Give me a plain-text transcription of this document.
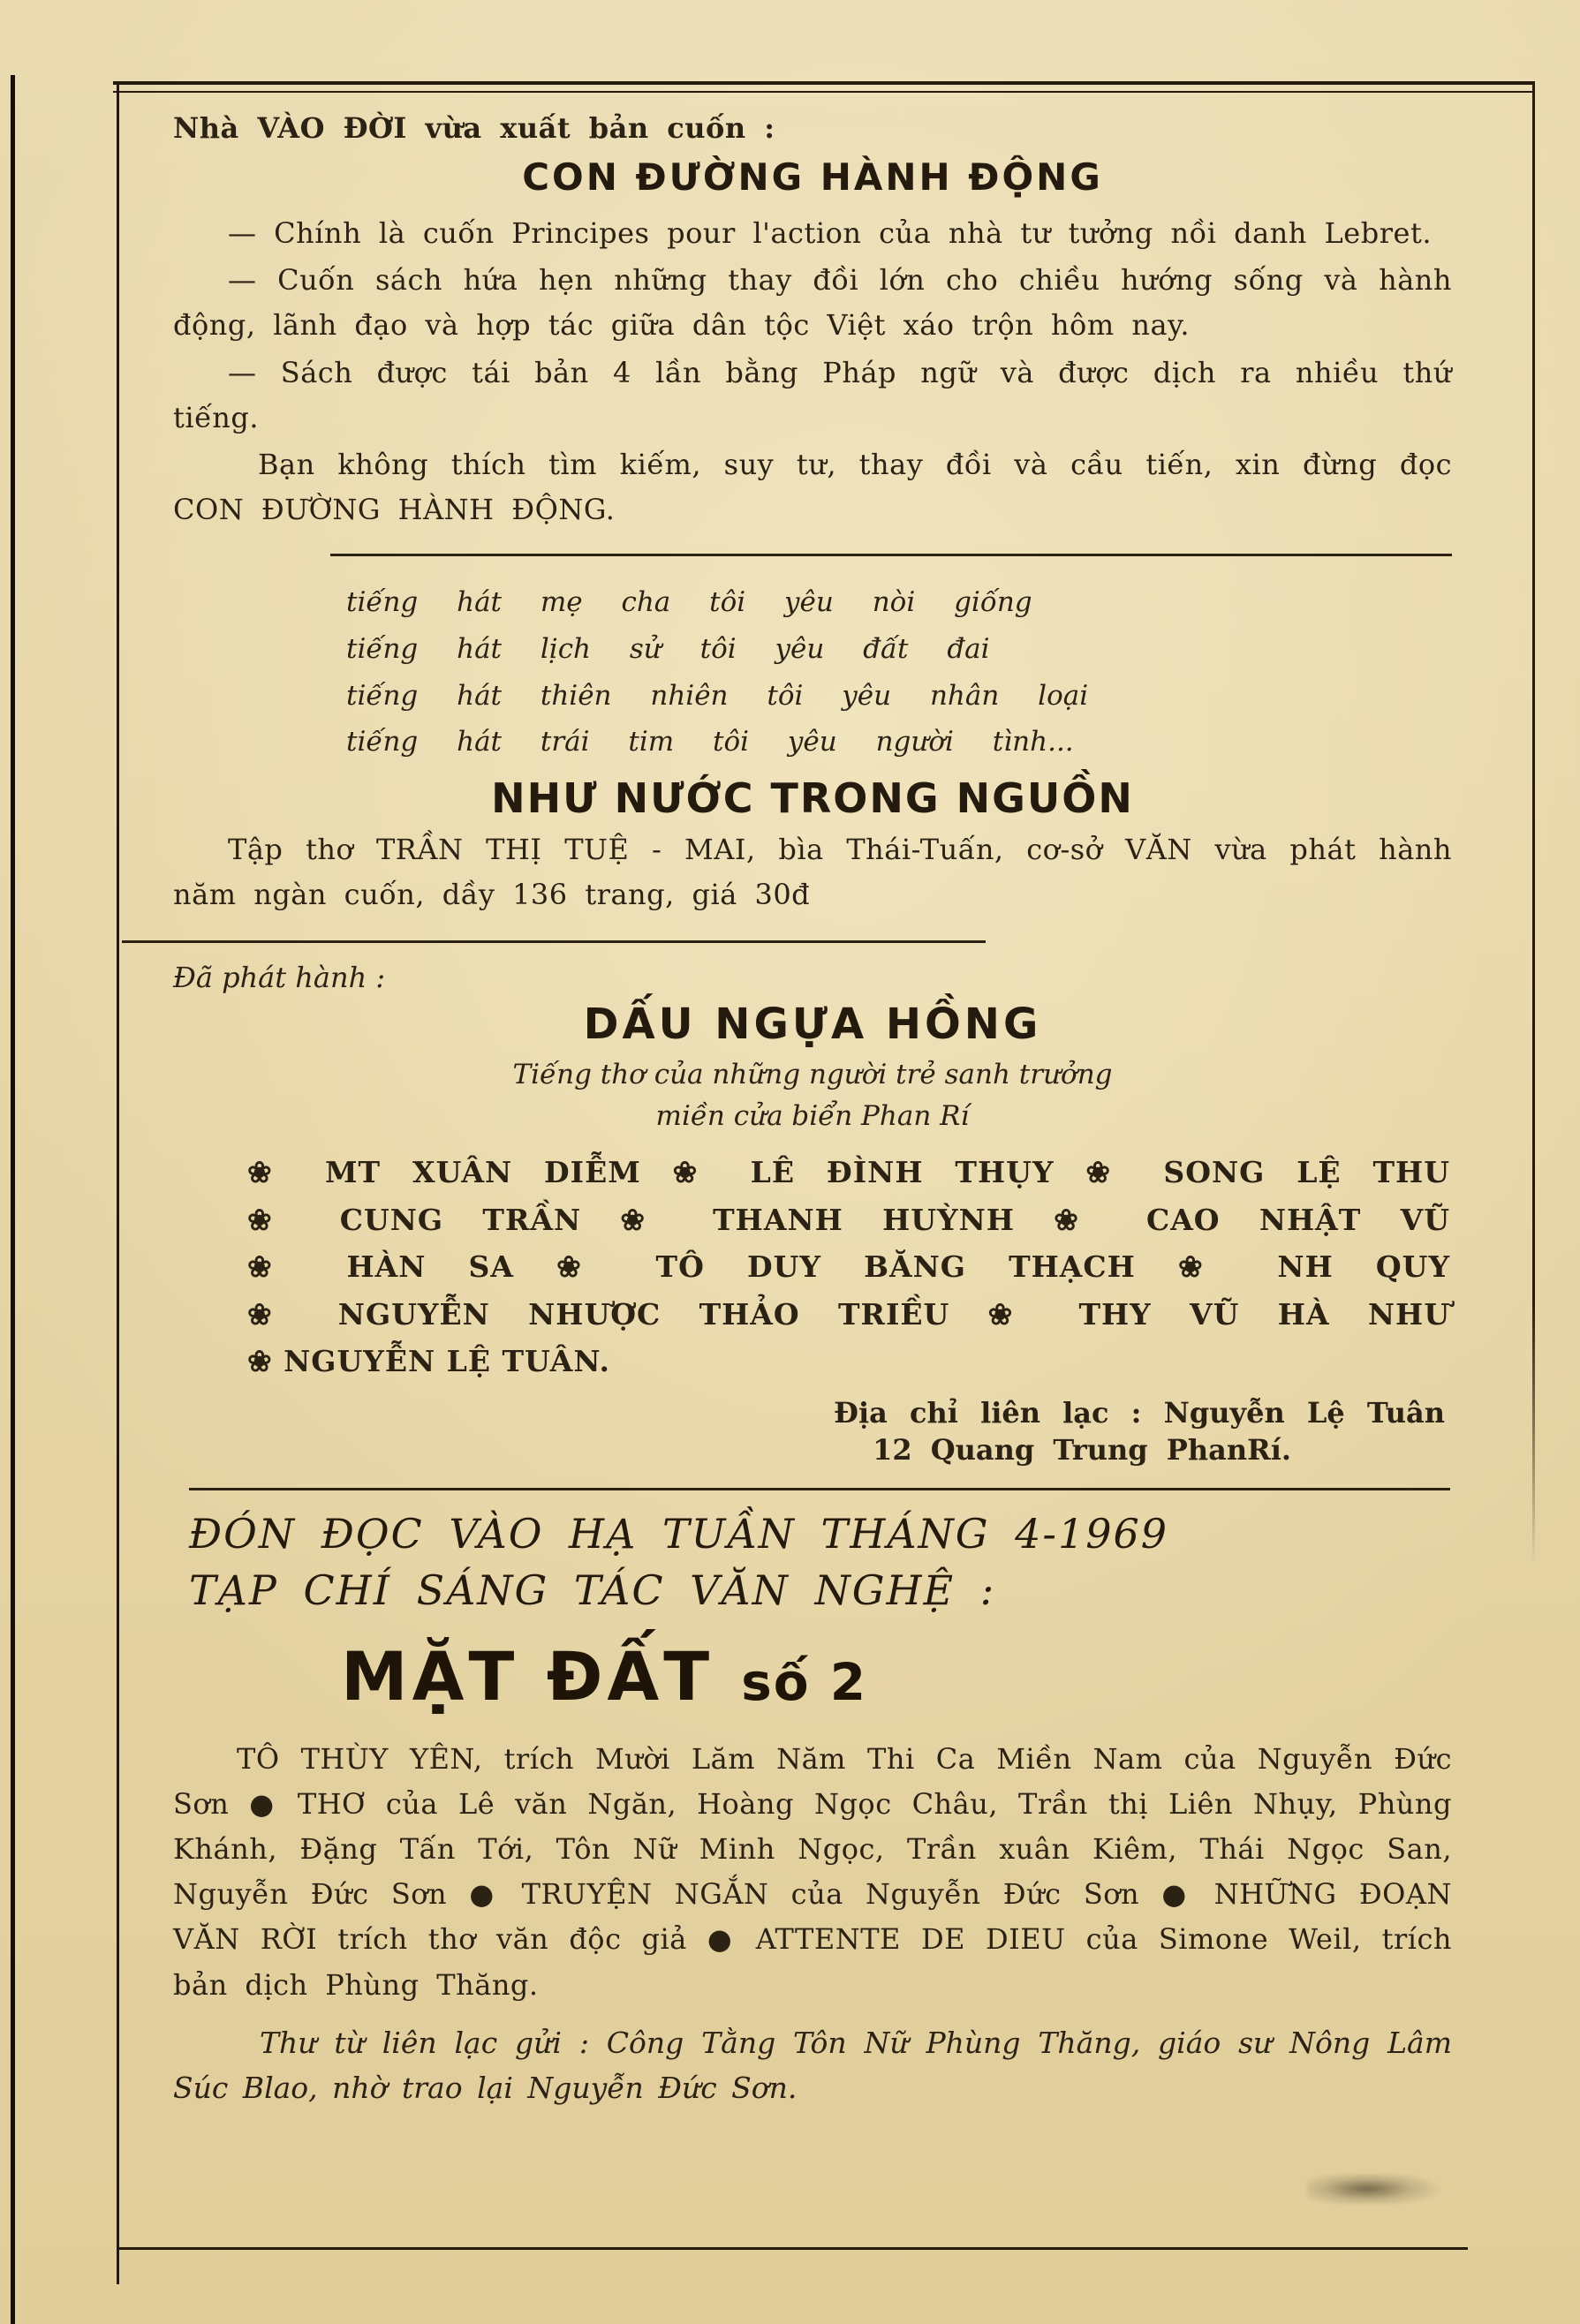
Nhà VÀO ĐỜI vừa xuất bản cuốn :

CON ĐƯỜNG HÀNH ĐỘNG

— Chính là cuốn Principes pour l'action của nhà tư tưởng nồi danh Lebret.

— Cuốn sách hứa hẹn những thay đồi lớn cho chiều hướng sống và hành động, lãnh đạo và hợp tác giữa dân tộc Việt xáo trộn hôm nay.

— Sách được tái bản 4 lần bằng Pháp ngữ và được dịch ra nhiều thứ tiếng.

Bạn không thích tìm kiếm, suy tư, thay đồi và cầu tiến, xin đừng đọc CON ĐƯỜNG HÀNH ĐỘNG.

tiếng hát mẹ cha tôi yêu nòi giống

tiếng hát lịch sử tôi yêu đất đai

tiếng hát thiên nhiên tôi yêu nhân loại

tiếng hát trái tim tôi yêu người tình...

NHƯ NƯỚC TRONG NGUỒN

Tập thơ TRẦN THỊ TUỆ - MAI, bìa Thái-Tuấn, cơ-sở VĂN vừa phát hành năm ngàn cuốn, dầy 136 trang, giá 30đ

Đã phát hành :

DẤU NGỰA HỒNG

Tiếng thơ của những người trẻ sanh trưởng

miền cửa biển Phan Rí

❀ MT XUÂN DIỄM ❀ LÊ ĐÌNH THỤY ❀ SONG LỆ THU

❀ CUNG TRẦN ❀ THANH HUỲNH ❀ CAO NHẬT VŨ

❀ HÀN SA ❀ TÔ DUY BĂNG THẠCH ❀ NH QUY

❀ NGUYỄN NHƯỢC THẢO TRIỀU ❀ THY VŨ HÀ NHƯ

❀ NGUYỄN LỆ TUÂN.

Địa chỉ liên lạc : Nguyễn Lệ Tuân

12 Quang Trung PhanRí.

ĐÓN ĐỌC VÀO HẠ TUẦN THÁNG 4-1969

TẠP CHÍ SÁNG TÁC VĂN NGHỆ :

MẶT ĐẤT số 2

TÔ THÙY YÊN, trích Mười Lăm Năm Thi Ca Miền Nam của Nguyễn Đức Sơn ● THƠ của Lê văn Ngăn, Hoàng Ngọc Châu, Trần thị Liên Nhụy, Phùng Khánh, Đặng Tấn Tới, Tôn Nữ Minh Ngọc, Trần xuân Kiêm, Thái Ngọc San, Nguyễn Đức Sơn ● TRUYỆN NGẮN của Nguyễn Đức Sơn ● NHỮNG ĐOẠN VĂN RỜI trích thơ văn độc giả ● ATTENTE DE DIEU của Simone Weil, trích bản dịch Phùng Thăng.

Thư từ liên lạc gửi : Công Tằng Tôn Nữ Phùng Thăng, giáo sư Nông Lâm Súc Blao, nhờ trao lại Nguyễn Đức Sơn.
